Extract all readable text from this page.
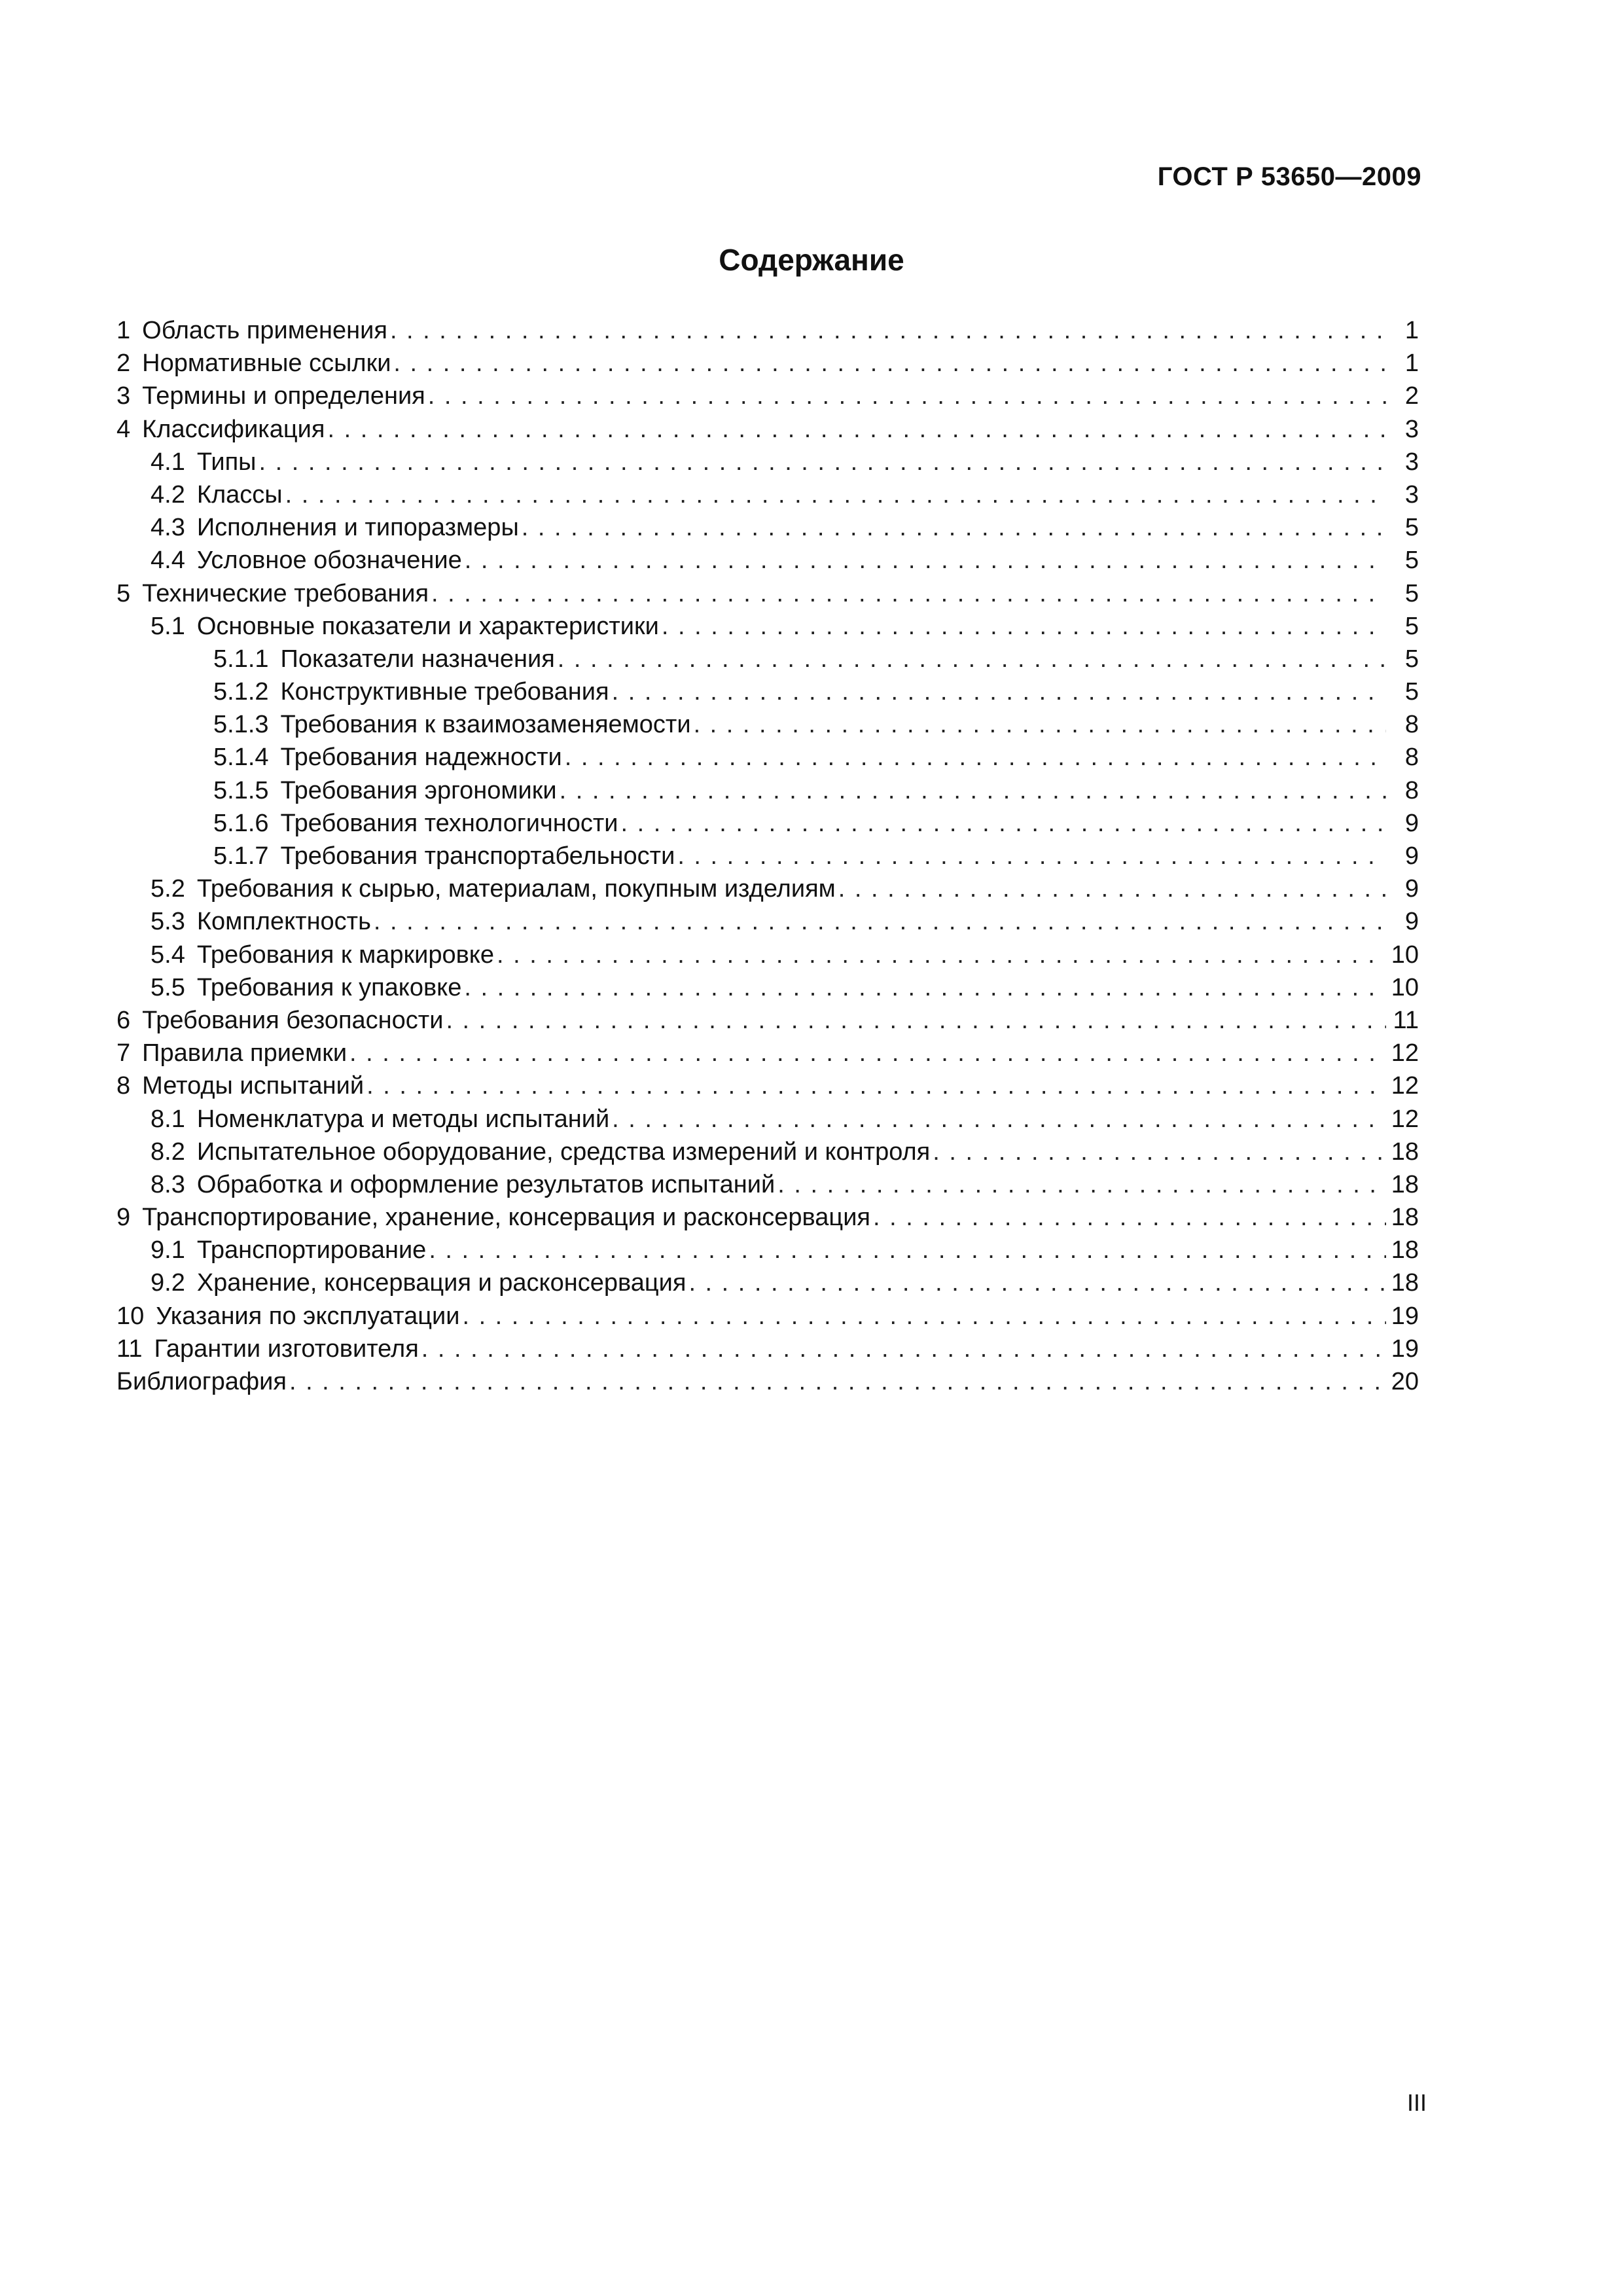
ГОСТ Р 53650—2009
Содержание
1 Область применения . . .	1
2 Нормативные ссылки . . .	1
3 Термины и определения . . .	2
4 Классификация . . .	3
4.1 Типы . . .	3
4.2 Классы . . .	3
4.3 Исполнения и типоразмеры . . .	5
4.4 Условное обозначение . . .	5
5 Технические требования . . .	5
5.1 Основные показатели и характеристики . . .	5
5.1.1 Показатели назначения . . .	5
5.1.2 Конструктивные требования . . .	5
5.1.3 Требования к взаимозаменяемости . . .	8
5.1.4 Требования надежности . . .	8
5.1.5 Требования эргономики . . .	8
5.1.6 Требования технологичности . . .	9
5.1.7 Требования транспортабельности . . .	9
5.2 Требования к сырью, материалам, покупным изделиям . . .	9
5.3 Комплектность . . .	9
5.4 Требования к маркировке . . .	10
5.5 Требования к упаковке . . .	10
6 Требования безопасности . . .	11
7 Правила приемки . . .	12
8 Методы испытаний . . .	12
8.1 Номенклатура и методы испытаний . . .	12
8.2 Испытательное оборудование, средства измерений и контроля . . .	18
8.3 Обработка и оформление результатов испытаний . . .	18
9 Транспортирование, хранение, консервация и расконсервация . . .	18
9.1 Транспортирование . . .	18
9.2 Хранение, консервация и расконсервация . . .	18
10 Указания по эксплуатации . . .	19
11 Гарантии изготовителя . . .	19
Библиография . . .	20
III
